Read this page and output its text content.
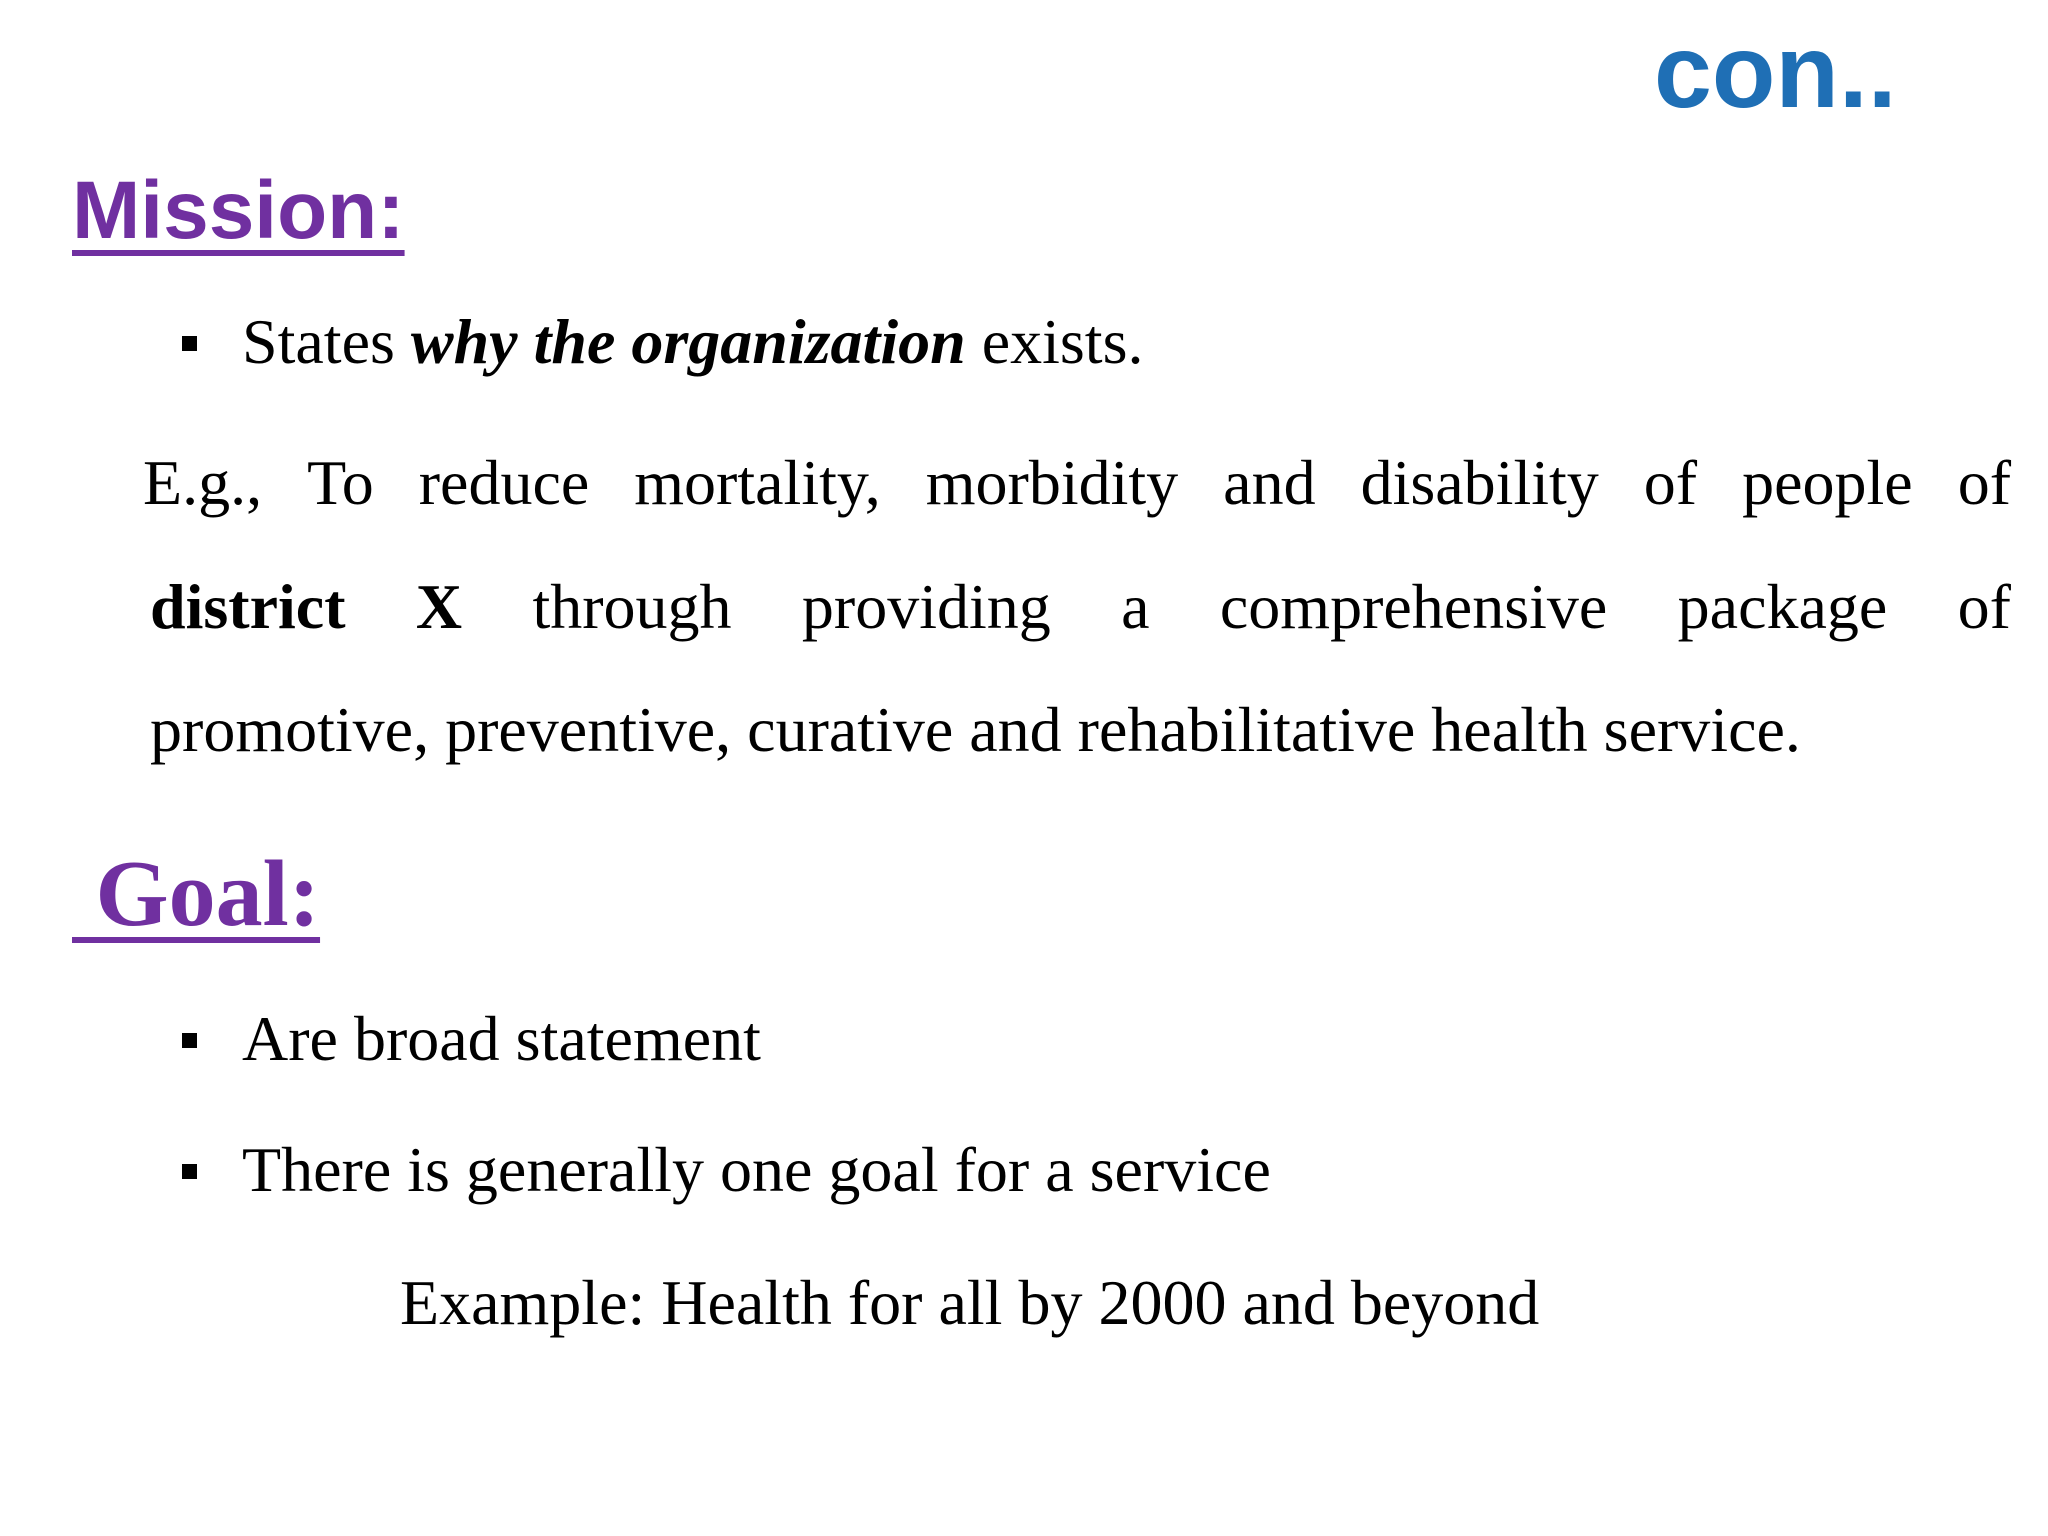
con..
Mission:
States why the organization exists.
E.g., To reduce mortality, morbidity and disability of people of
district X through providing a comprehensive package of
promotive, preventive, curative and rehabilitative health service.
Goal:
Are broad statement
There is generally one goal for a service
Example: Health for all by 2000 and beyond
